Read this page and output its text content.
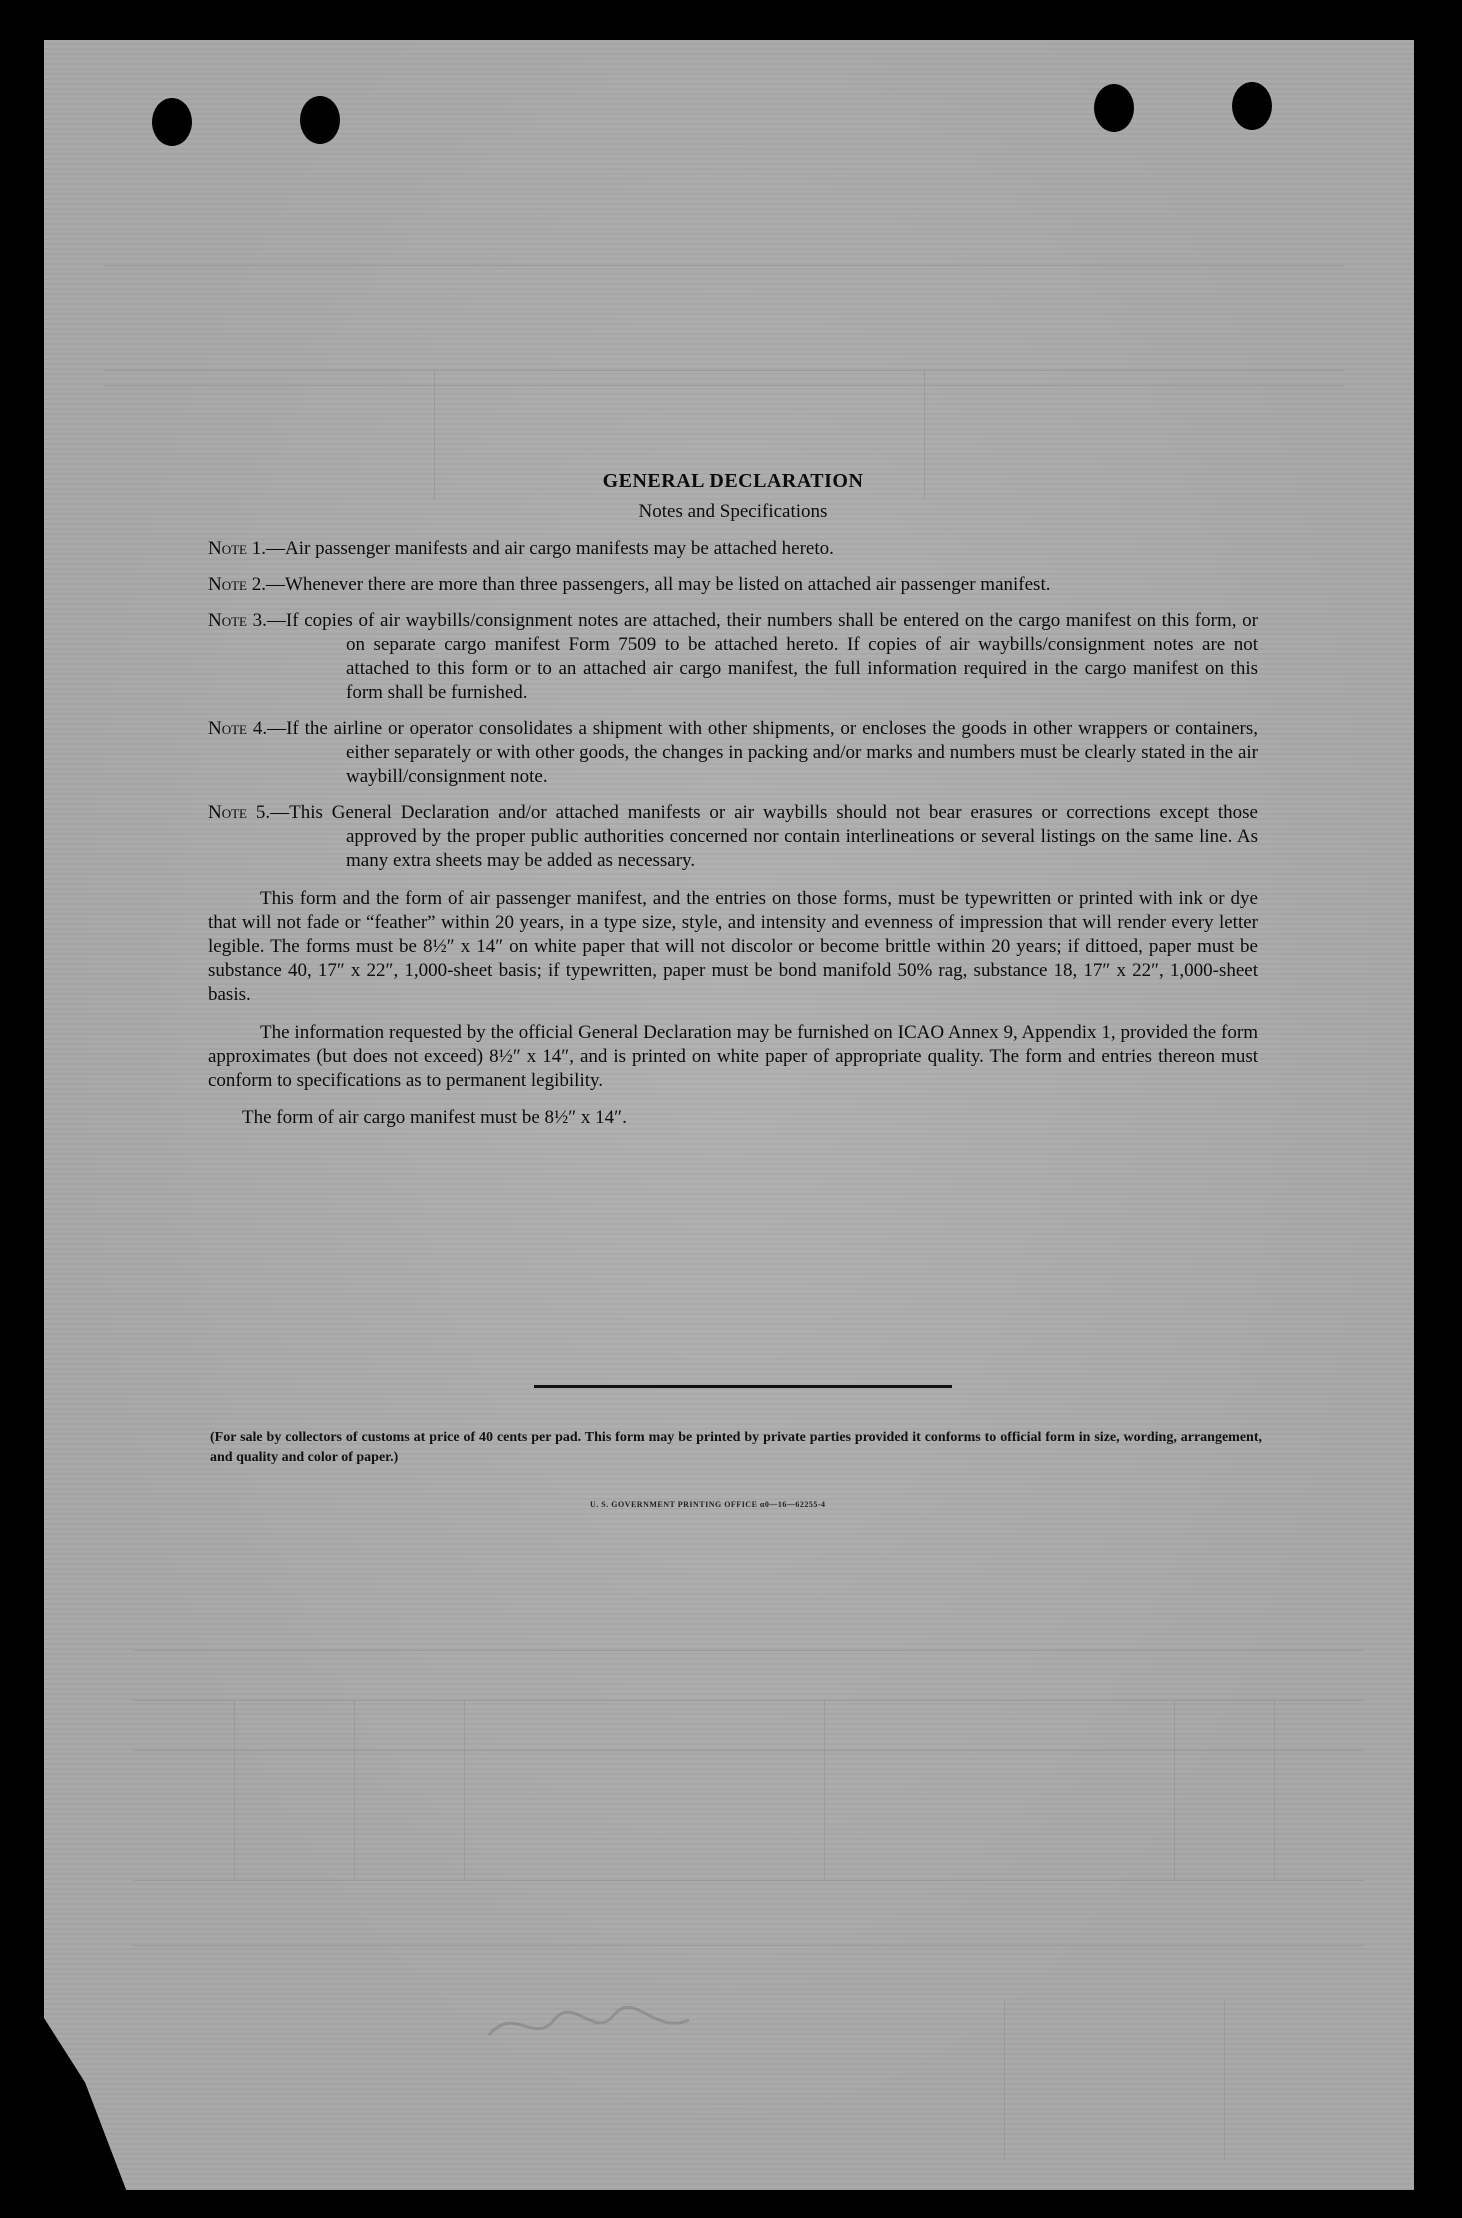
GENERAL DECLARATION
Notes and Specifications
Note 1.—Air passenger manifests and air cargo manifests may be attached hereto.
Note 2.—Whenever there are more than three passengers, all may be listed on attached air passenger manifest.
Note 3.—If copies of air waybills/consignment notes are attached, their numbers shall be entered on the cargo manifest on this form, or on separate cargo manifest Form 7509 to be attached hereto. If copies of air waybills/consignment notes are not attached to this form or to an attached air cargo manifest, the full information required in the cargo manifest on this form shall be furnished.
Note 4.—If the airline or operator consolidates a shipment with other shipments, or encloses the goods in other wrappers or containers, either separately or with other goods, the changes in packing and/or marks and numbers must be clearly stated in the air waybill/consignment note.
Note 5.—This General Declaration and/or attached manifests or air waybills should not bear erasures or corrections except those approved by the proper public authorities concerned nor contain interlineations or several listings on the same line. As many extra sheets may be added as necessary.
This form and the form of air passenger manifest, and the entries on those forms, must be typewritten or printed with ink or dye that will not fade or “feather” within 20 years, in a type size, style, and intensity and evenness of impression that will render every letter legible. The forms must be 8½″ x 14″ on white paper that will not discolor or become brittle within 20 years; if dittoed, paper must be substance 40, 17″ x 22″, 1,000-sheet basis; if typewritten, paper must be bond manifold 50% rag, substance 18, 17″ x 22″, 1,000-sheet basis.
The information requested by the official General Declaration may be furnished on ICAO Annex 9, Appendix 1, provided the form approximates (but does not exceed) 8½″ x 14″, and is printed on white paper of appropriate quality. The form and entries thereon must conform to specifications as to permanent legibility.
The form of air cargo manifest must be 8½″ x 14″.
(For sale by collectors of customs at price of 40 cents per pad. This form may be printed by private parties provided it conforms to official form in size, wording, arrangement, and quality and color of paper.)
U. S. GOVERNMENT PRINTING OFFICE α0—16—62255-4
